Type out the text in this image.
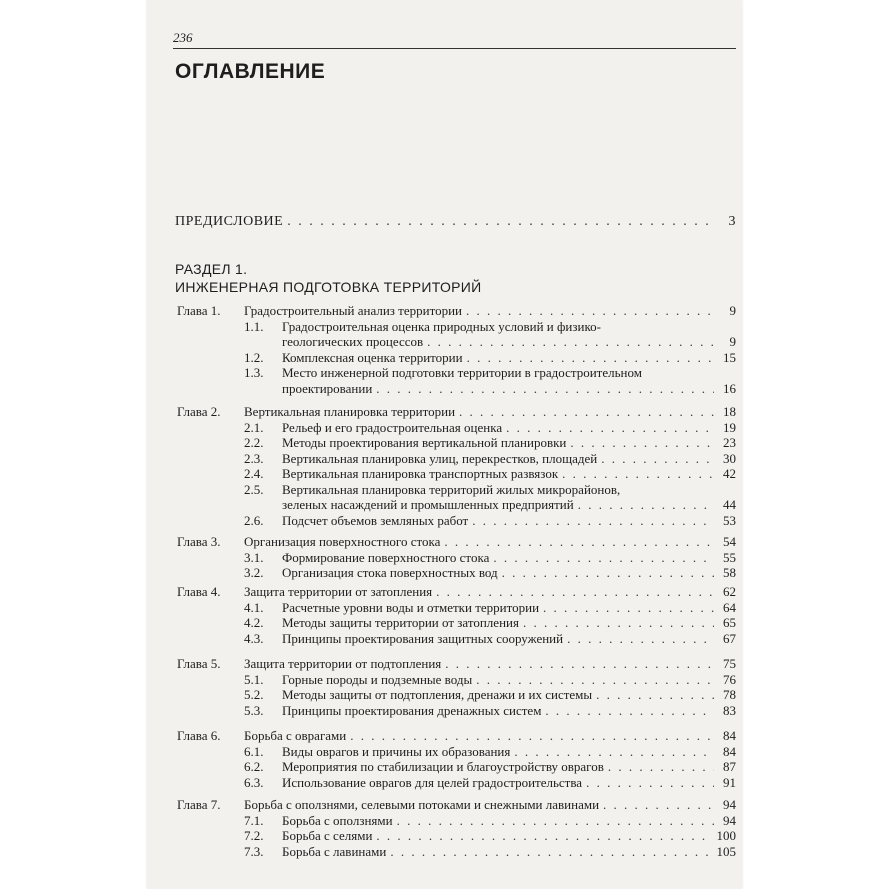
236
ОГЛАВЛЕНИЕ
ПРЕДИСЛОВИЕ . . .	3
РАЗДЕЛ 1.
ИНЖЕНЕРНАЯ ПОДГОТОВКА ТЕРРИТОРИЙ
Глава 1. Градостроительный анализ территории . . .	9
1.1. Градостроительная оценка природных условий и физико-
геологических процессов . . .	9
1.2. Комплексная оценка территории . . .	15
1.3. Место инженерной подготовки территории в градостроительном
проектировании . . .	16
Глава 2. Вертикальная планировка территории . . .	18
2.1. Рельеф и его градостроительная оценка . . .	19
2.2. Методы проектирования вертикальной планировки . . .	23
2.3. Вертикальная планировка улиц, перекрестков, площадей . . .	30
2.4. Вертикальная планировка транспортных развязок . . .	42
2.5. Вертикальная планировка территорий жилых микрорайонов,
зеленых насаждений и промышленных предприятий . . .	44
2.6. Подсчет объемов земляных работ . . .	53
Глава 3. Организация поверхностного стока . . .	54
3.1. Формирование поверхностного стока . . .	55
3.2. Организация стока поверхностных вод . . .	58
Глава 4. Защита территории от затопления . . .	62
4.1. Расчетные уровни воды и отметки территории . . .	64
4.2. Методы защиты территории от затопления . . .	65
4.3. Принципы проектирования защитных сооружений . . .	67
Глава 5. Защита территории от подтопления . . .	75
5.1. Горные породы и подземные воды . . .	76
5.2. Методы защиты от подтопления, дренажи и их системы . . .	78
5.3. Принципы проектирования дренажных систем . . .	83
Глава 6. Борьба с оврагами . . .	84
6.1. Виды оврагов и причины их образования . . .	84
6.2. Мероприятия по стабилизации и благоустройству оврагов . . .	87
6.3. Использование оврагов для целей градостроительства . . .	91
Глава 7. Борьба с оползнями, селевыми потоками и снежными лавинами . . .	94
7.1. Борьба с оползнями . . .	94
7.2. Борьба с селями . . .	100
7.3. Борьба с лавинами . . .	105
